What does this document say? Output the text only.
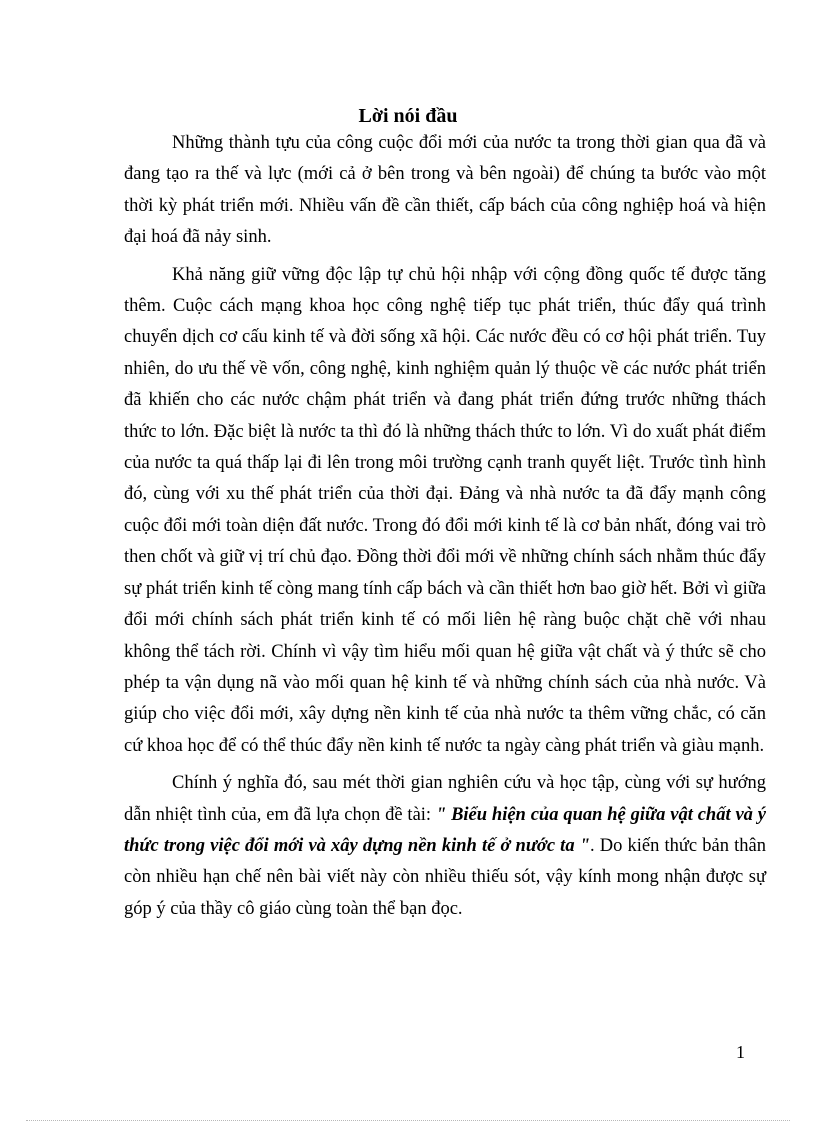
Lời nói đầu

Những thành tựu của công cuộc đổi mới của nước ta trong thời gian qua đã và đang tạo ra thế và lực (mới cả ở bên trong và bên ngoài) để chúng ta bước vào một thời kỳ phát triển mới. Nhiều vấn đề cần thiết, cấp bách của công nghiệp hoá và hiện đại hoá đã nảy sinh.

Khả năng giữ vững độc lập tự chủ hội nhập với cộng đồng quốc tế được tăng thêm. Cuộc cách mạng khoa học công nghệ tiếp tục phát triển, thúc đẩy quá trình chuyển dịch cơ cấu kinh tế và đời sống xã hội. Các nước đều có cơ hội phát triển. Tuy nhiên, do ưu thế về vốn, công nghệ, kinh nghiệm quản lý thuộc về các nước phát triển đã khiến cho các nước chậm phát triển và đang phát triển đứng trước những thách thức to lớn. Đặc biệt là nước ta thì đó là những thách thức to lớn. Vì do xuất phát điểm của nước ta quá thấp lại đi lên trong môi trường cạnh tranh quyết liệt. Trước tình hình đó, cùng với xu thế phát triển của thời đại. Đảng và nhà nước ta đã đẩy mạnh công cuộc đổi mới toàn diện đất nước. Trong đó đổi mới kinh tế là cơ bản nhất, đóng vai trò then chốt và giữ vị trí chủ đạo. Đồng thời đổi mới về những chính sách nhằm thúc đẩy sự phát triển kinh tế còng mang tính cấp bách và cần thiết hơn bao giờ hết. Bởi vì giữa đổi mới chính sách phát triển kinh tế có mối liên hệ ràng buộc chặt chẽ với nhau không thể tách rời. Chính vì vậy tìm hiểu mối quan hệ giữa vật chất và ý thức sẽ cho phép ta vận dụng nã vào mối quan hệ kinh tế và những chính sách của nhà nước. Và giúp cho việc đổi mới, xây dựng nền kinh tế của nhà nước ta thêm vững chắc, có căn cứ khoa học để có thể thúc đẩy nền kinh tế nước ta ngày càng phát triển và giàu mạnh.

Chính ý nghĩa đó, sau mét thời gian nghiên cứu và học tập, cùng với sự hướng dẫn nhiệt tình của, em đã lựa chọn đề tài: " Biểu hiện của quan hệ giữa vật chất và ý thức trong việc đổi mới và xây dựng nền kinh tế ở nước ta ". Do kiến thức bản thân còn nhiều hạn chế nên bài viết này còn nhiều thiếu sót, vậy kính mong nhận được sự góp ý của thầy cô giáo cùng toàn thể bạn đọc.

1
